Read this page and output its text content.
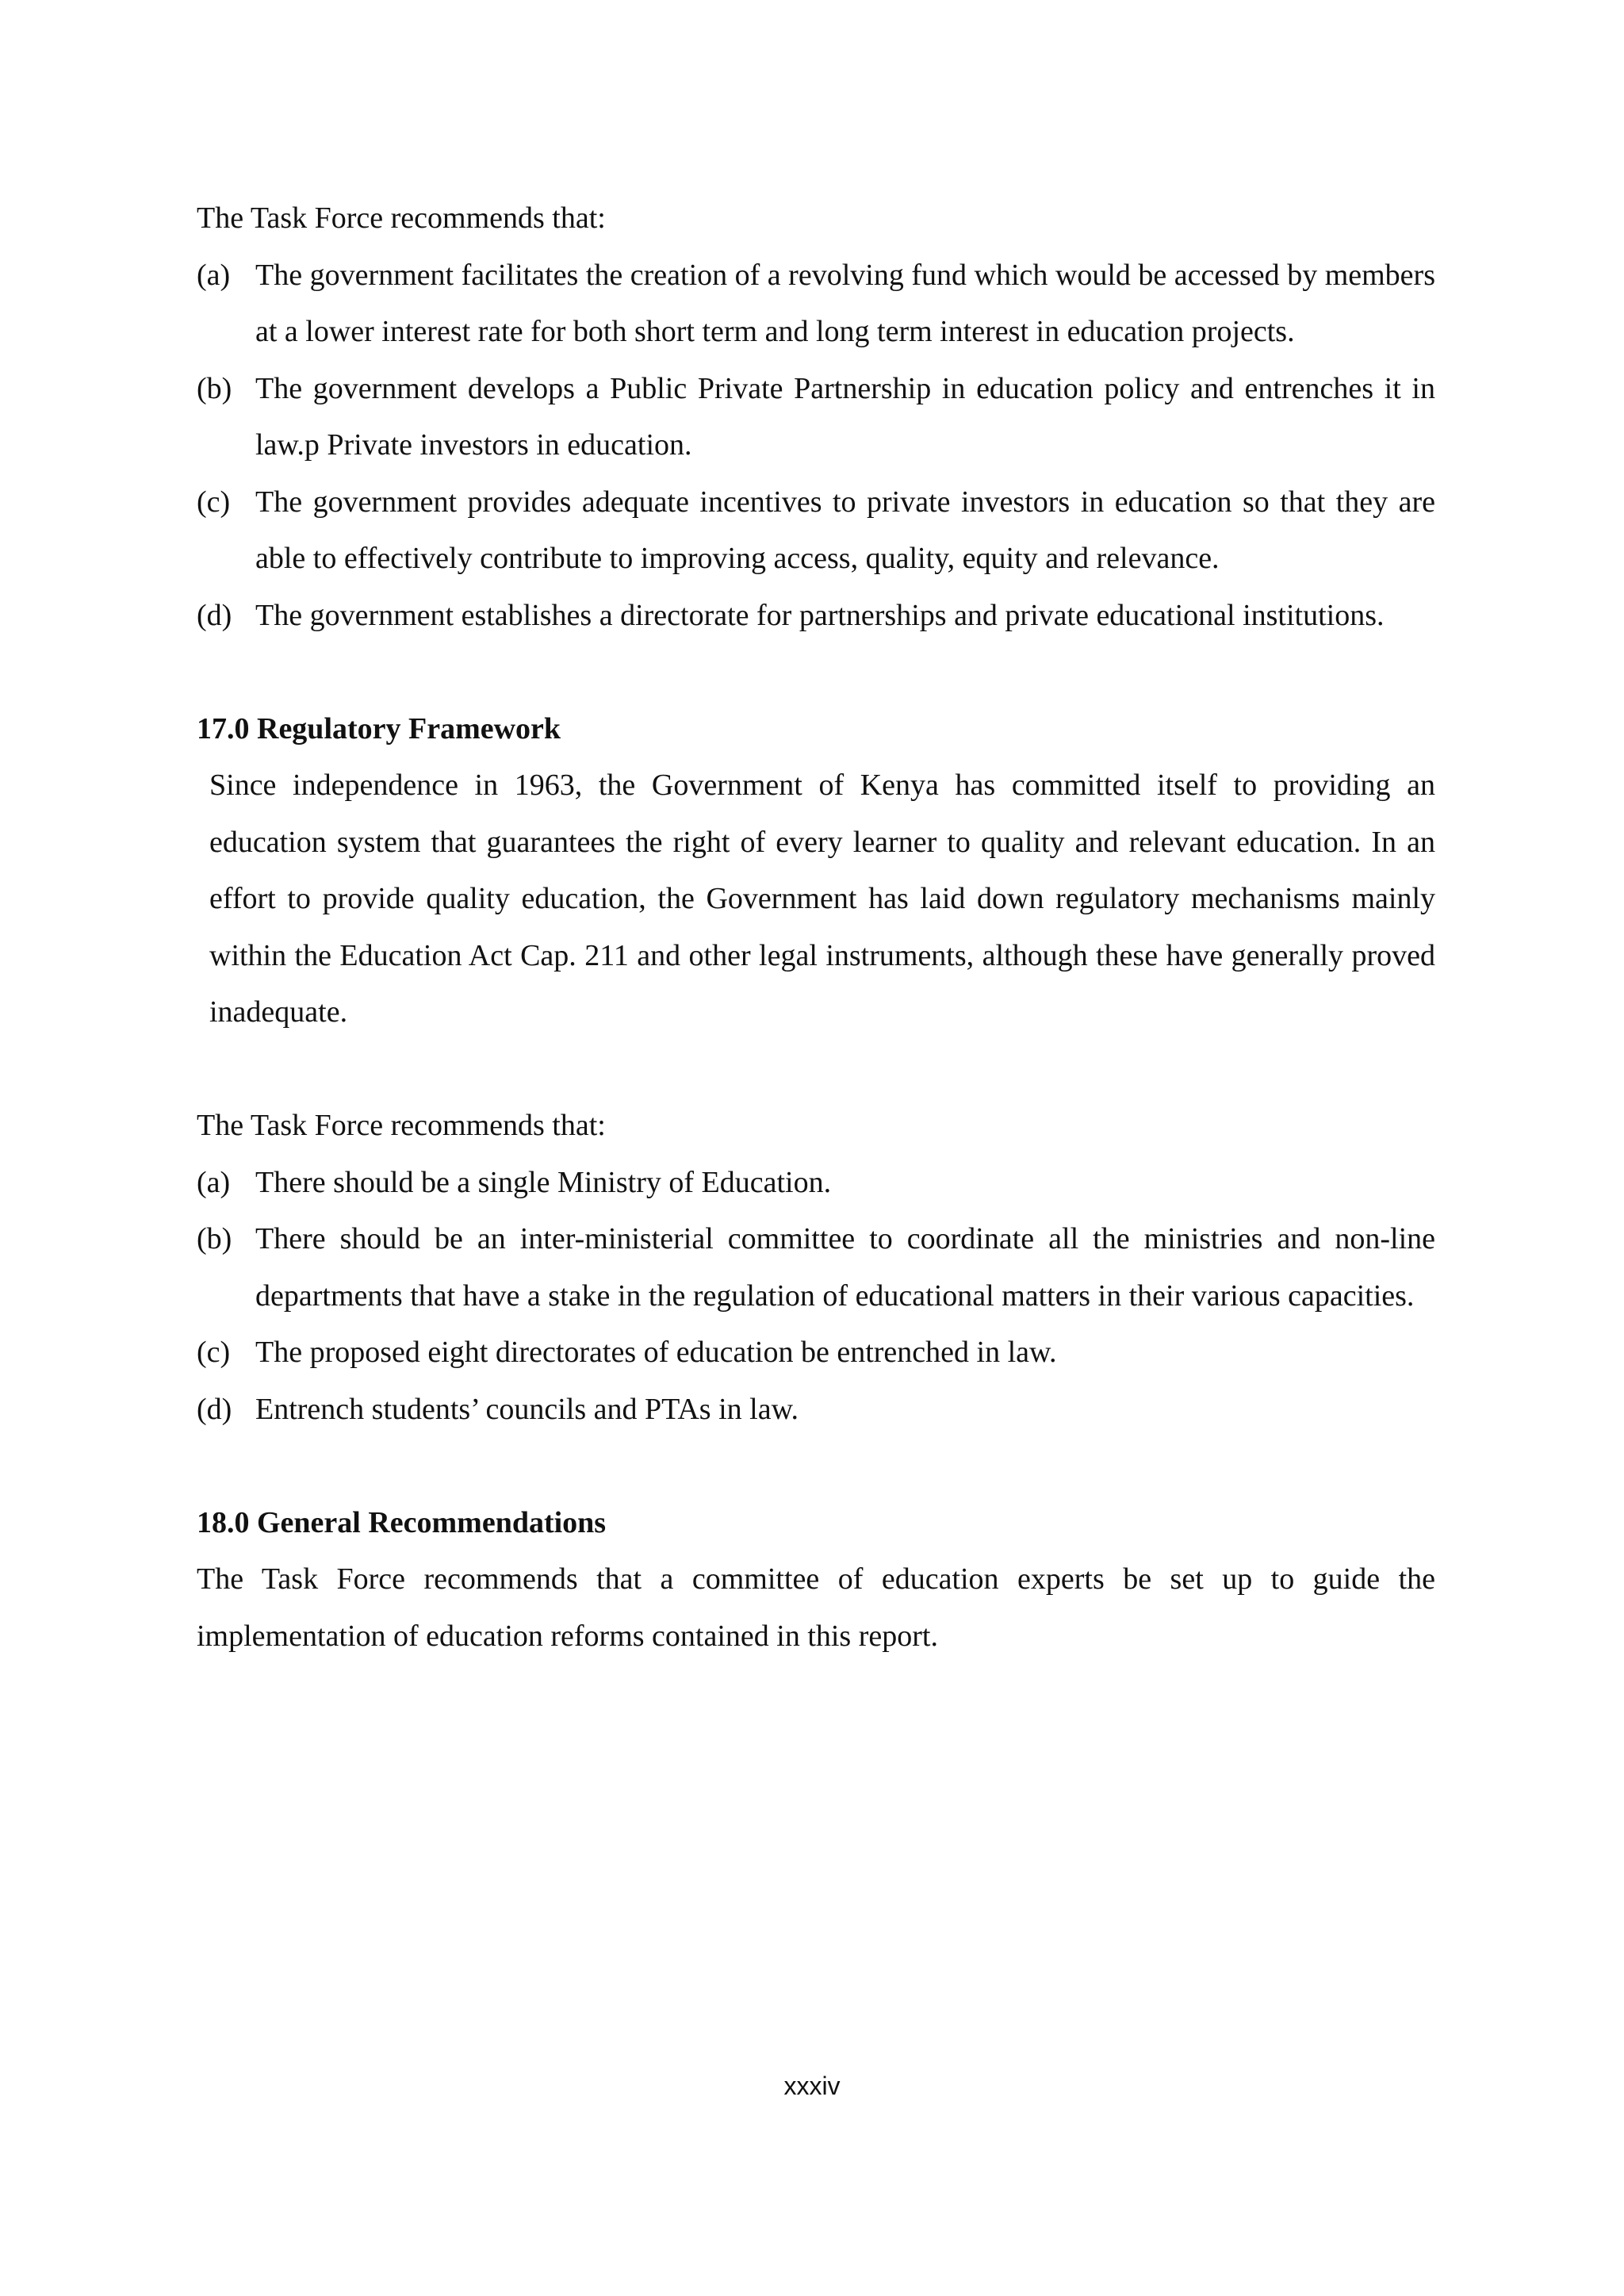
The Task Force recommends that:

(a) The government facilitates the creation of a revolving fund which would be accessed by members at a lower interest rate for both short term and long term interest in education projects.
(b) The government develops a Public Private Partnership in education policy and entrenches it in law.p Private investors in education.
(c) The government provides adequate incentives to private investors in education so that they are able to effectively contribute to improving access, quality, equity and relevance.
(d) The government establishes a directorate for partnerships and private educational institutions.
17.0 Regulatory Framework

Since independence in 1963, the Government of Kenya has committed itself to providing an education system that guarantees the right of every learner to quality and relevant education. In an effort to provide quality education, the Government has laid down regulatory mechanisms mainly within the Education Act Cap. 211 and other legal instruments, although these have generally proved inadequate.

The Task Force recommends that:

(a) There should be a single Ministry of Education.
(b) There should be an inter-ministerial committee to coordinate all the ministries and non-line departments that have a stake in the regulation of educational matters in their various capacities.
(c) The proposed eight directorates of education be entrenched in law.
(d) Entrench students’ councils and PTAs in law.
18.0 General Recommendations

The Task Force recommends that a committee of education experts be set up to guide the implementation of education reforms contained in this report.

xxxiv
